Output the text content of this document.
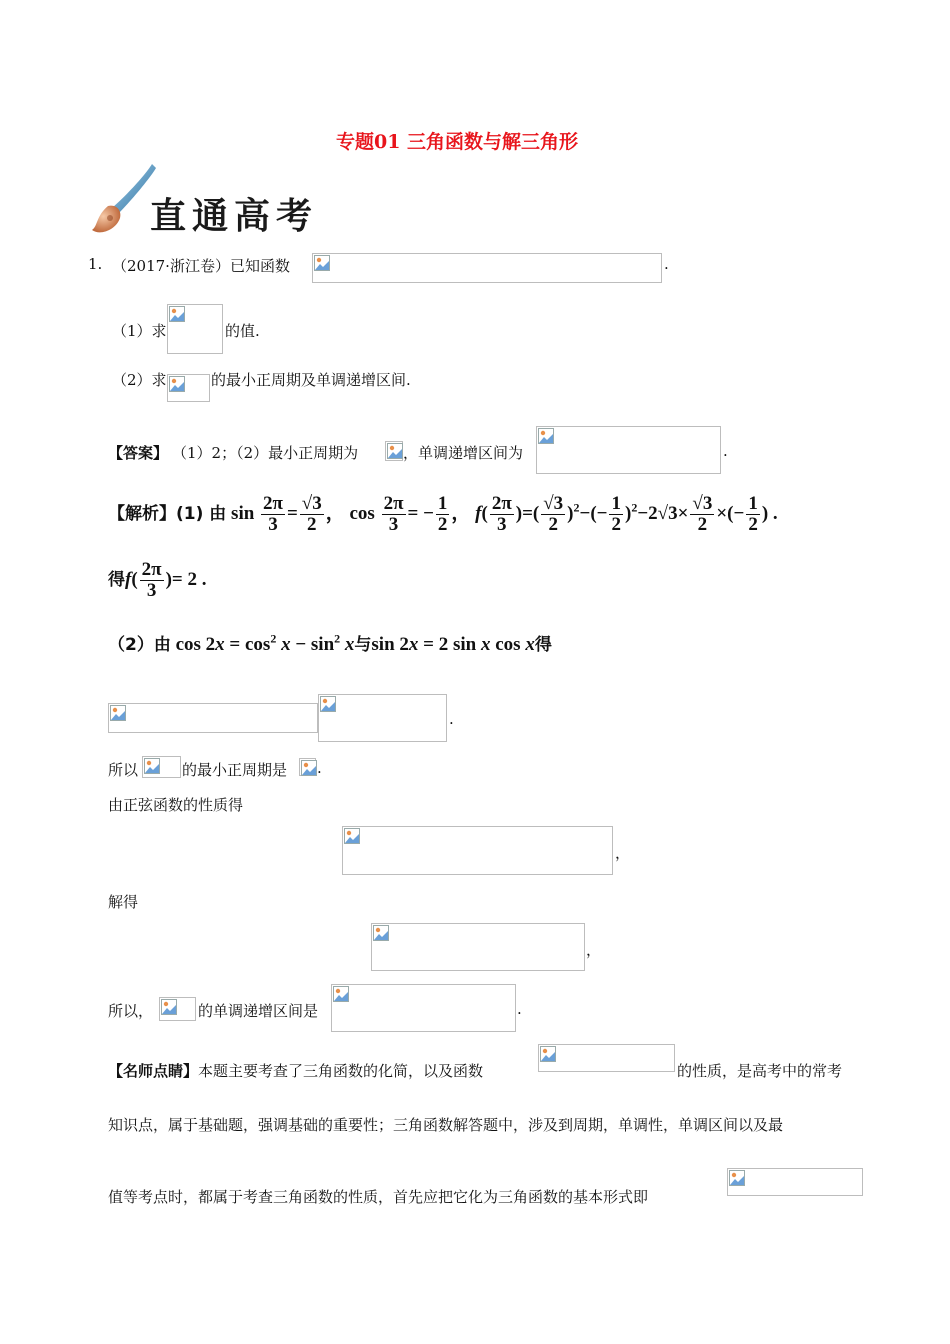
专题01 三角函数与解三角形
直通高考
1. （2017·浙江卷）已知函数	.
（1）求	的值.
（2）求	的最小正周期及单调递增区间.
【答案】 （1）2；（2）最小正周期为	，单调递增区间为	.
【解析】(1) 由 $\sin \frac{2\pi}{3} = \frac{√3}{2}$ ， $\cos \frac{2\pi}{3}$ = − $\frac{1}{2}$ ， $f( \frac{2\pi}{3}$ )=( $\frac{√3}{2} )^2-(- \frac{1}{2} )^2-2√3\times \frac{√3}{2}$ ×(− $\frac{1}{2}$ ) .
得$f( \frac{2\pi}{3}$ )= 2 .
（2）由 $\cos 2x = \cos^2 x - \sin^2 x$与sin 2x = 2 sin x cos x得
.
所以	的最小正周期是 .
由正弦函数的性质得
，
解得
，
所以，	的单调递增区间是	.
【名师点睛】本题主要考查了三角函数的化简，以及函数	的性质，是高考中的常考
知识点，属于基础题，强调基础的重要性；三角函数解答题中，涉及到周期，单调性，单调区间以及最
值等考点时，都属于考查三角函数的性质，首先应把它化为三角函数的基本形式即
